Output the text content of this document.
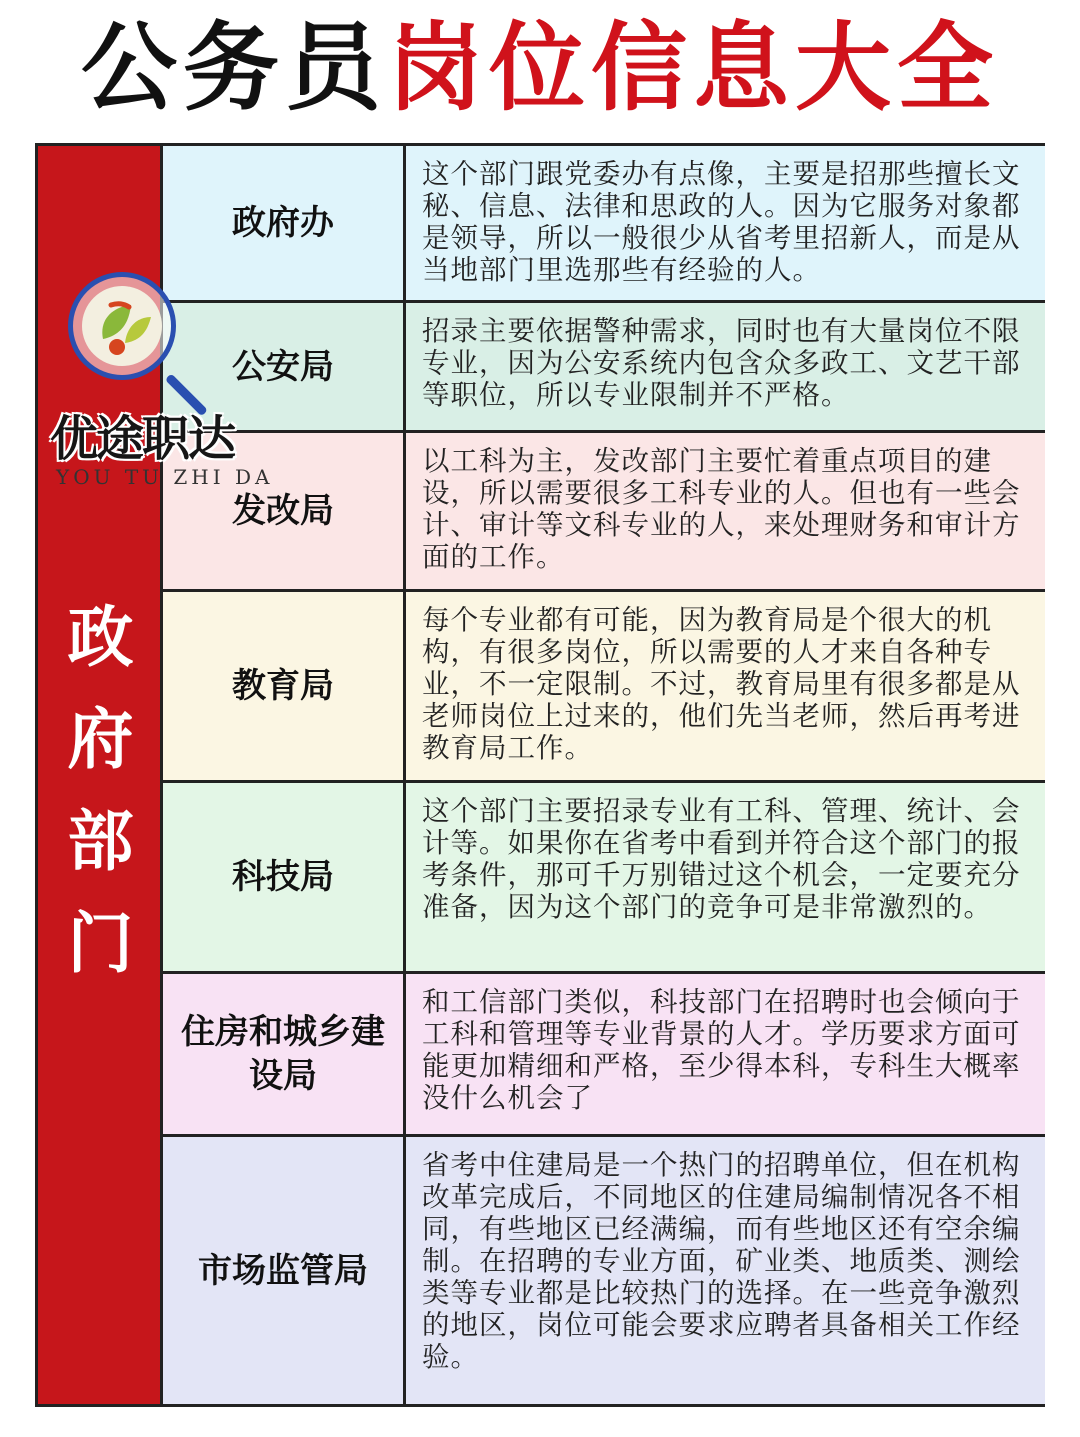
公务员岗位信息大全
政
府
部
门
政府办
这个部门跟党委办有点像，主要是招那些擅长文秘、信息、法律和思政的人。因为它服务对象都是领导，所以一般很少从省考里招新人，而是从当地部门里选那些有经验的人。
公安局
招录主要依据警种需求，同时也有大量岗位不限专业，因为公安系统内包含众多政工、文艺干部等职位，所以专业限制并不严格。
发改局
以工科为主，发改部门主要忙着重点项目的建设，所以需要很多工科专业的人。但也有一些会计、审计等文科专业的人，来处理财务和审计方面的工作。
教育局
每个专业都有可能，因为教育局是个很大的机构，有很多岗位，所以需要的人才来自各种专业，不一定限制。不过，教育局里有很多都是从老师岗位上过来的，他们先当老师，然后再考进教育局工作。
科技局
这个部门主要招录专业有工科、管理、统计、会计等。如果你在省考中看到并符合这个部门的报考条件，那可千万别错过这个机会，一定要充分准备，因为这个部门的竞争可是非常激烈的。
住房和城乡建设局
和工信部门类似，科技部门在招聘时也会倾向于工科和管理等专业背景的人才。学历要求方面可能更加精细和严格，至少得本科，专科生大概率没什么机会了
市场监管局
省考中住建局是一个热门的招聘单位，但在机构改革完成后，不同地区的住建局编制情况各不相同，有些地区已经满编，而有些地区还有空余编制。在招聘的专业方面，矿业类、地质类、测绘类等专业都是比较热门的选择。在一些竞争激烈的地区，岗位可能会要求应聘者具备相关工作经验。
优途职达
YOU TU ZHI DA
